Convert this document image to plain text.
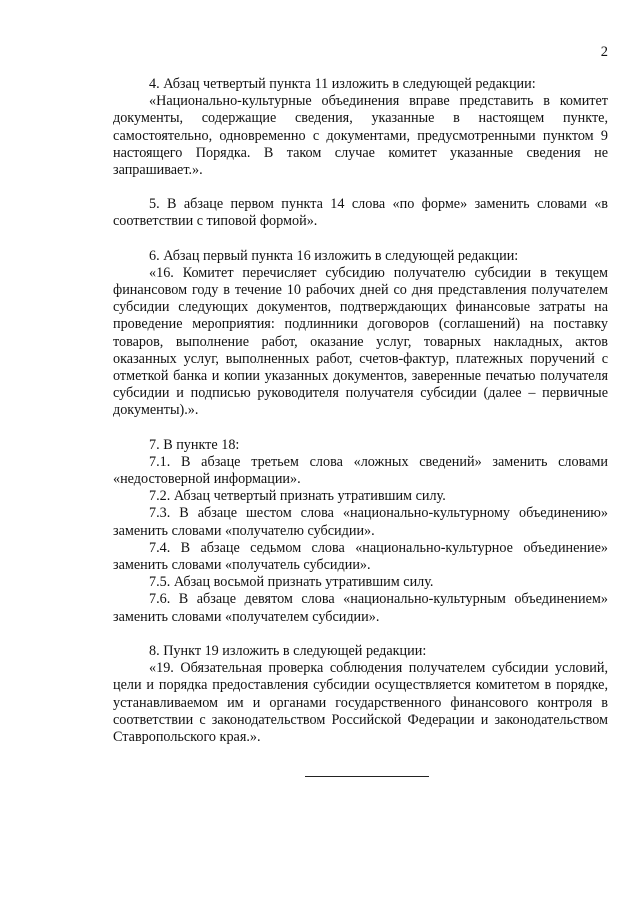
2

4. Абзац четвертый пункта 11 изложить в следующей редакции:

«Национально-культурные объединения вправе представить в комитет документы, содержащие сведения, указанные в настоящем пункте, самостоятельно, одновременно с документами, предусмотренными пунктом 9 настоящего Порядка. В таком случае комитет указанные сведения не запрашивает.».

5. В абзаце первом пункта 14 слова «по форме» заменить словами «в соответствии с типовой формой».

6. Абзац первый пункта 16 изложить в следующей редакции:

«16. Комитет перечисляет субсидию получателю субсидии в текущем финансовом году в течение 10 рабочих дней со дня представления получателем субсидии следующих документов, подтверждающих финансовые затраты на проведение мероприятия: подлинники договоров (соглашений) на поставку товаров, выполнение работ, оказание услуг, товарных накладных, актов оказанных услуг, выполненных работ, счетов-фактур, платежных поручений с отметкой банка и копии указанных документов, заверенные печатью получателя субсидии и подписью руководителя получателя субсидии (далее – первичные документы).».

7. В пункте 18:

7.1. В абзаце третьем слова «ложных сведений» заменить словами «недостоверной информации».

7.2. Абзац четвертый признать утратившим силу.

7.3. В абзаце шестом слова «национально-культурному объединению» заменить словами «получателю субсидии».

7.4. В абзаце седьмом слова «национально-культурное объединение» заменить словами «получатель субсидии».

7.5. Абзац восьмой признать утратившим силу.

7.6. В абзаце девятом слова «национально-культурным объединением» заменить словами «получателем субсидии».

8. Пункт 19 изложить в следующей редакции:

«19. Обязательная проверка соблюдения получателем субсидии условий, цели и порядка предоставления субсидии осуществляется комитетом в порядке, устанавливаемом им и органами государственного финансового контроля в соответствии с законодательством Российской Федерации и законодательством Ставропольского края.».
